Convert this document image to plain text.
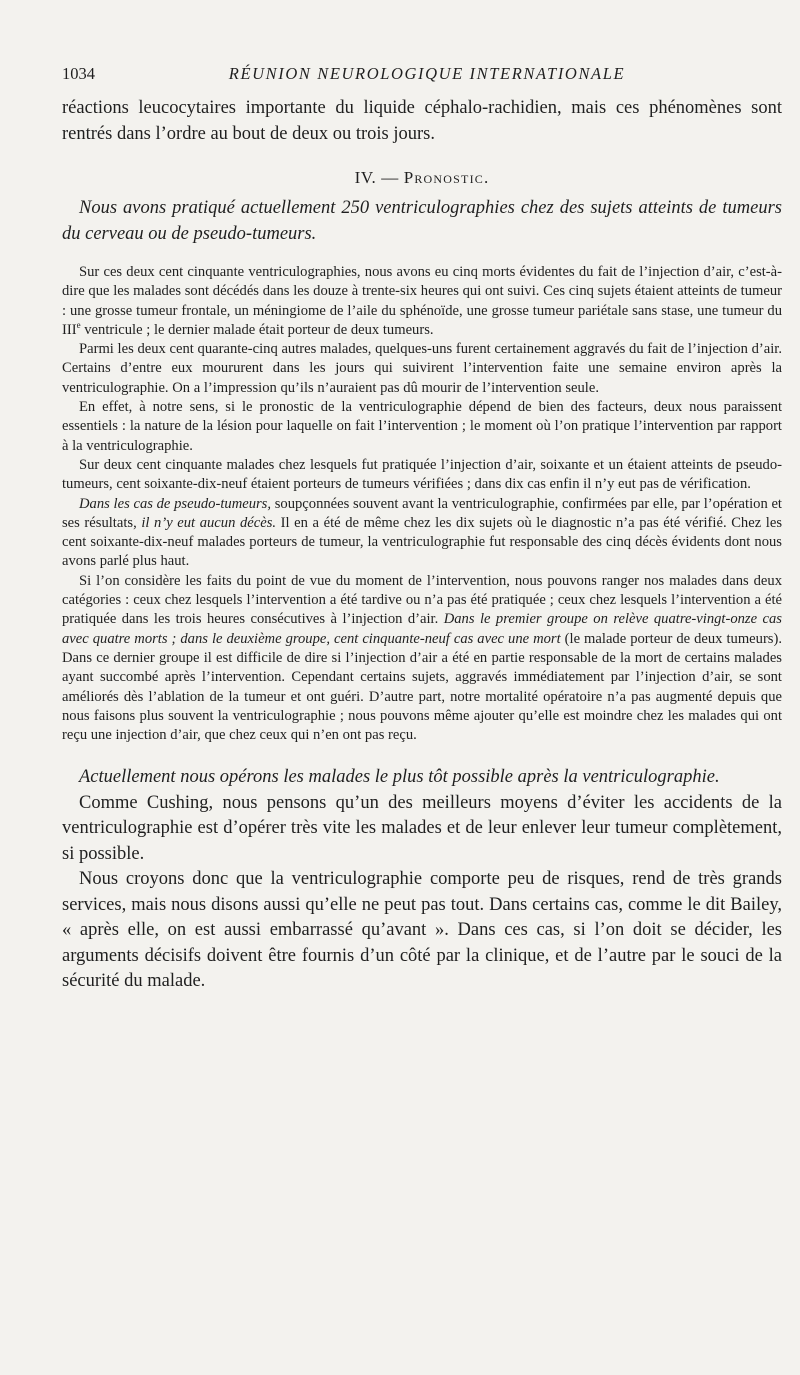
1034	RÉUNION NEUROLOGIQUE INTERNATIONALE

réactions leucocytaires importante du liquide céphalo-rachidien, mais ces phénomènes sont rentrés dans l’ordre au bout de deux ou trois jours.

IV. — Pronostic.

Nous avons pratiqué actuellement 250 ventriculographies chez des sujets atteints de tumeurs du cerveau ou de pseudo-tumeurs.

Sur ces deux cent cinquante ventriculographies, nous avons eu cinq morts évidentes du fait de l’injection d’air, c’est-à-dire que les malades sont décédés dans les douze à trente-six heures qui ont suivi. Ces cinq sujets étaient atteints de tumeur : une grosse tumeur frontale, un méningiome de l’aile du sphénoïde, une grosse tumeur pariétale sans stase, une tumeur du IIIe ventricule ; le dernier malade était porteur de deux tumeurs.

Parmi les deux cent quarante-cinq autres malades, quelques-uns furent certainement aggravés du fait de l’injection d’air. Certains d’entre eux moururent dans les jours qui suivirent l’intervention faite une semaine environ après la ventriculographie. On a l’impression qu’ils n’auraient pas dû mourir de l’intervention seule.

En effet, à notre sens, si le pronostic de la ventriculographie dépend de bien des facteurs, deux nous paraissent essentiels : la nature de la lésion pour laquelle on fait l’intervention ; le moment où l’on pratique l’intervention par rapport à la ventriculographie.

Sur deux cent cinquante malades chez lesquels fut pratiquée l’injection d’air, soixante et un étaient atteints de pseudo-tumeurs, cent soixante-dix-neuf étaient porteurs de tumeurs vérifiées ; dans dix cas enfin il n’y eut pas de vérification.

Dans les cas de pseudo-tumeurs, soupçonnées souvent avant la ventriculographie, confirmées par elle, par l’opération et ses résultats, il n’y eut aucun décès. Il en a été de même chez les dix sujets où le diagnostic n’a pas été vérifié. Chez les cent soixante-dix-neuf malades porteurs de tumeur, la ventriculographie fut responsable des cinq décès évidents dont nous avons parlé plus haut.

Si l’on considère les faits du point de vue du moment de l’intervention, nous pouvons ranger nos malades dans deux catégories : ceux chez lesquels l’intervention a été tardive ou n’a pas été pratiquée ; ceux chez lesquels l’intervention a été pratiquée dans les trois heures consécutives à l’injection d’air. Dans le premier groupe on relève quatre-vingt-onze cas avec quatre morts ; dans le deuxième groupe, cent cinquante-neuf cas avec une mort (le malade porteur de deux tumeurs). Dans ce dernier groupe il est difficile de dire si l’injection d’air a été en partie responsable de la mort de certains malades ayant succombé après l’intervention. Cependant certains sujets, aggravés immédiatement par l’injection d’air, se sont améliorés dès l’ablation de la tumeur et ont guéri. D’autre part, notre mortalité opératoire n’a pas augmenté depuis que nous faisons plus souvent la ventriculographie ; nous pouvons même ajouter qu’elle est moindre chez les malades qui ont reçu une injection d’air, que chez ceux qui n’en ont pas reçu.

Actuellement nous opérons les malades le plus tôt possible après la ventriculographie.

Comme Cushing, nous pensons qu’un des meilleurs moyens d’éviter les accidents de la ventriculographie est d’opérer très vite les malades et de leur enlever leur tumeur complètement, si possible.

Nous croyons donc que la ventriculographie comporte peu de risques, rend de très grands services, mais nous disons aussi qu’elle ne peut pas tout. Dans certains cas, comme le dit Bailey, « après elle, on est aussi embarrassé qu’avant ». Dans ces cas, si l’on doit se décider, les arguments décisifs doivent être fournis d’un côté par la clinique, et de l’autre par le souci de la sécurité du malade.
